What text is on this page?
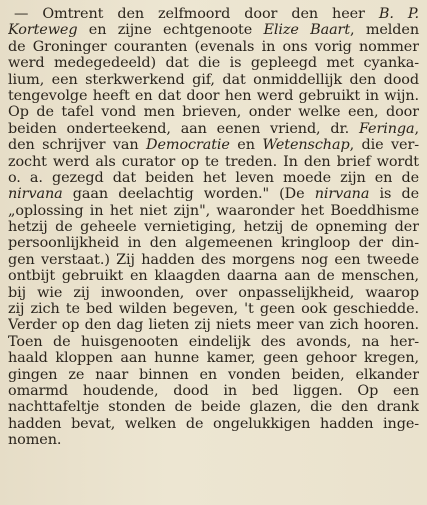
— Omtrent den zelfmoord door den heer B. P.
Korteweg en zijne echtgenoote Elize Baart, melden
de Groninger couranten (evenals in ons vorig nommer
werd medegedeeld) dat die is gepleegd met cyanka-
lium, een sterkwerkend gif, dat onmiddellijk den dood
tengevolge heeft en dat door hen werd gebruikt in wijn.
Op de tafel vond men brieven, onder welke een, door
beiden onderteekend, aan eenen vriend, dr. Feringa,
den schrijver van Democratie en Wetenschap, die ver-
zocht werd als curator op te treden. In den brief wordt
o. a. gezegd dat beiden het leven moede zijn en de
nirvana gaan deelachtig worden." (De nirvana is de
„oplossing in het niet zijn", waaronder het Boeddhisme
hetzij de geheele vernietiging, hetzij de opneming der
persoonlijkheid in den algemeenen kringloop der din-
gen verstaat.) Zij hadden des morgens nog een tweede
ontbijt gebruikt en klaagden daarna aan de menschen,
bij wie zij inwoonden, over onpasselijkheid, waarop
zij zich te bed wilden begeven, 't geen ook geschiedde.
Verder op den dag lieten zij niets meer van zich hooren.
Toen de huisgenooten eindelijk des avonds, na her-
haald kloppen aan hunne kamer, geen gehoor kregen,
gingen ze naar binnen en vonden beiden, elkander
omarmd houdende, dood in bed liggen. Op een
nachttafeltje stonden de beide glazen, die den drank
hadden bevat, welken de ongelukkigen hadden inge-
nomen.
